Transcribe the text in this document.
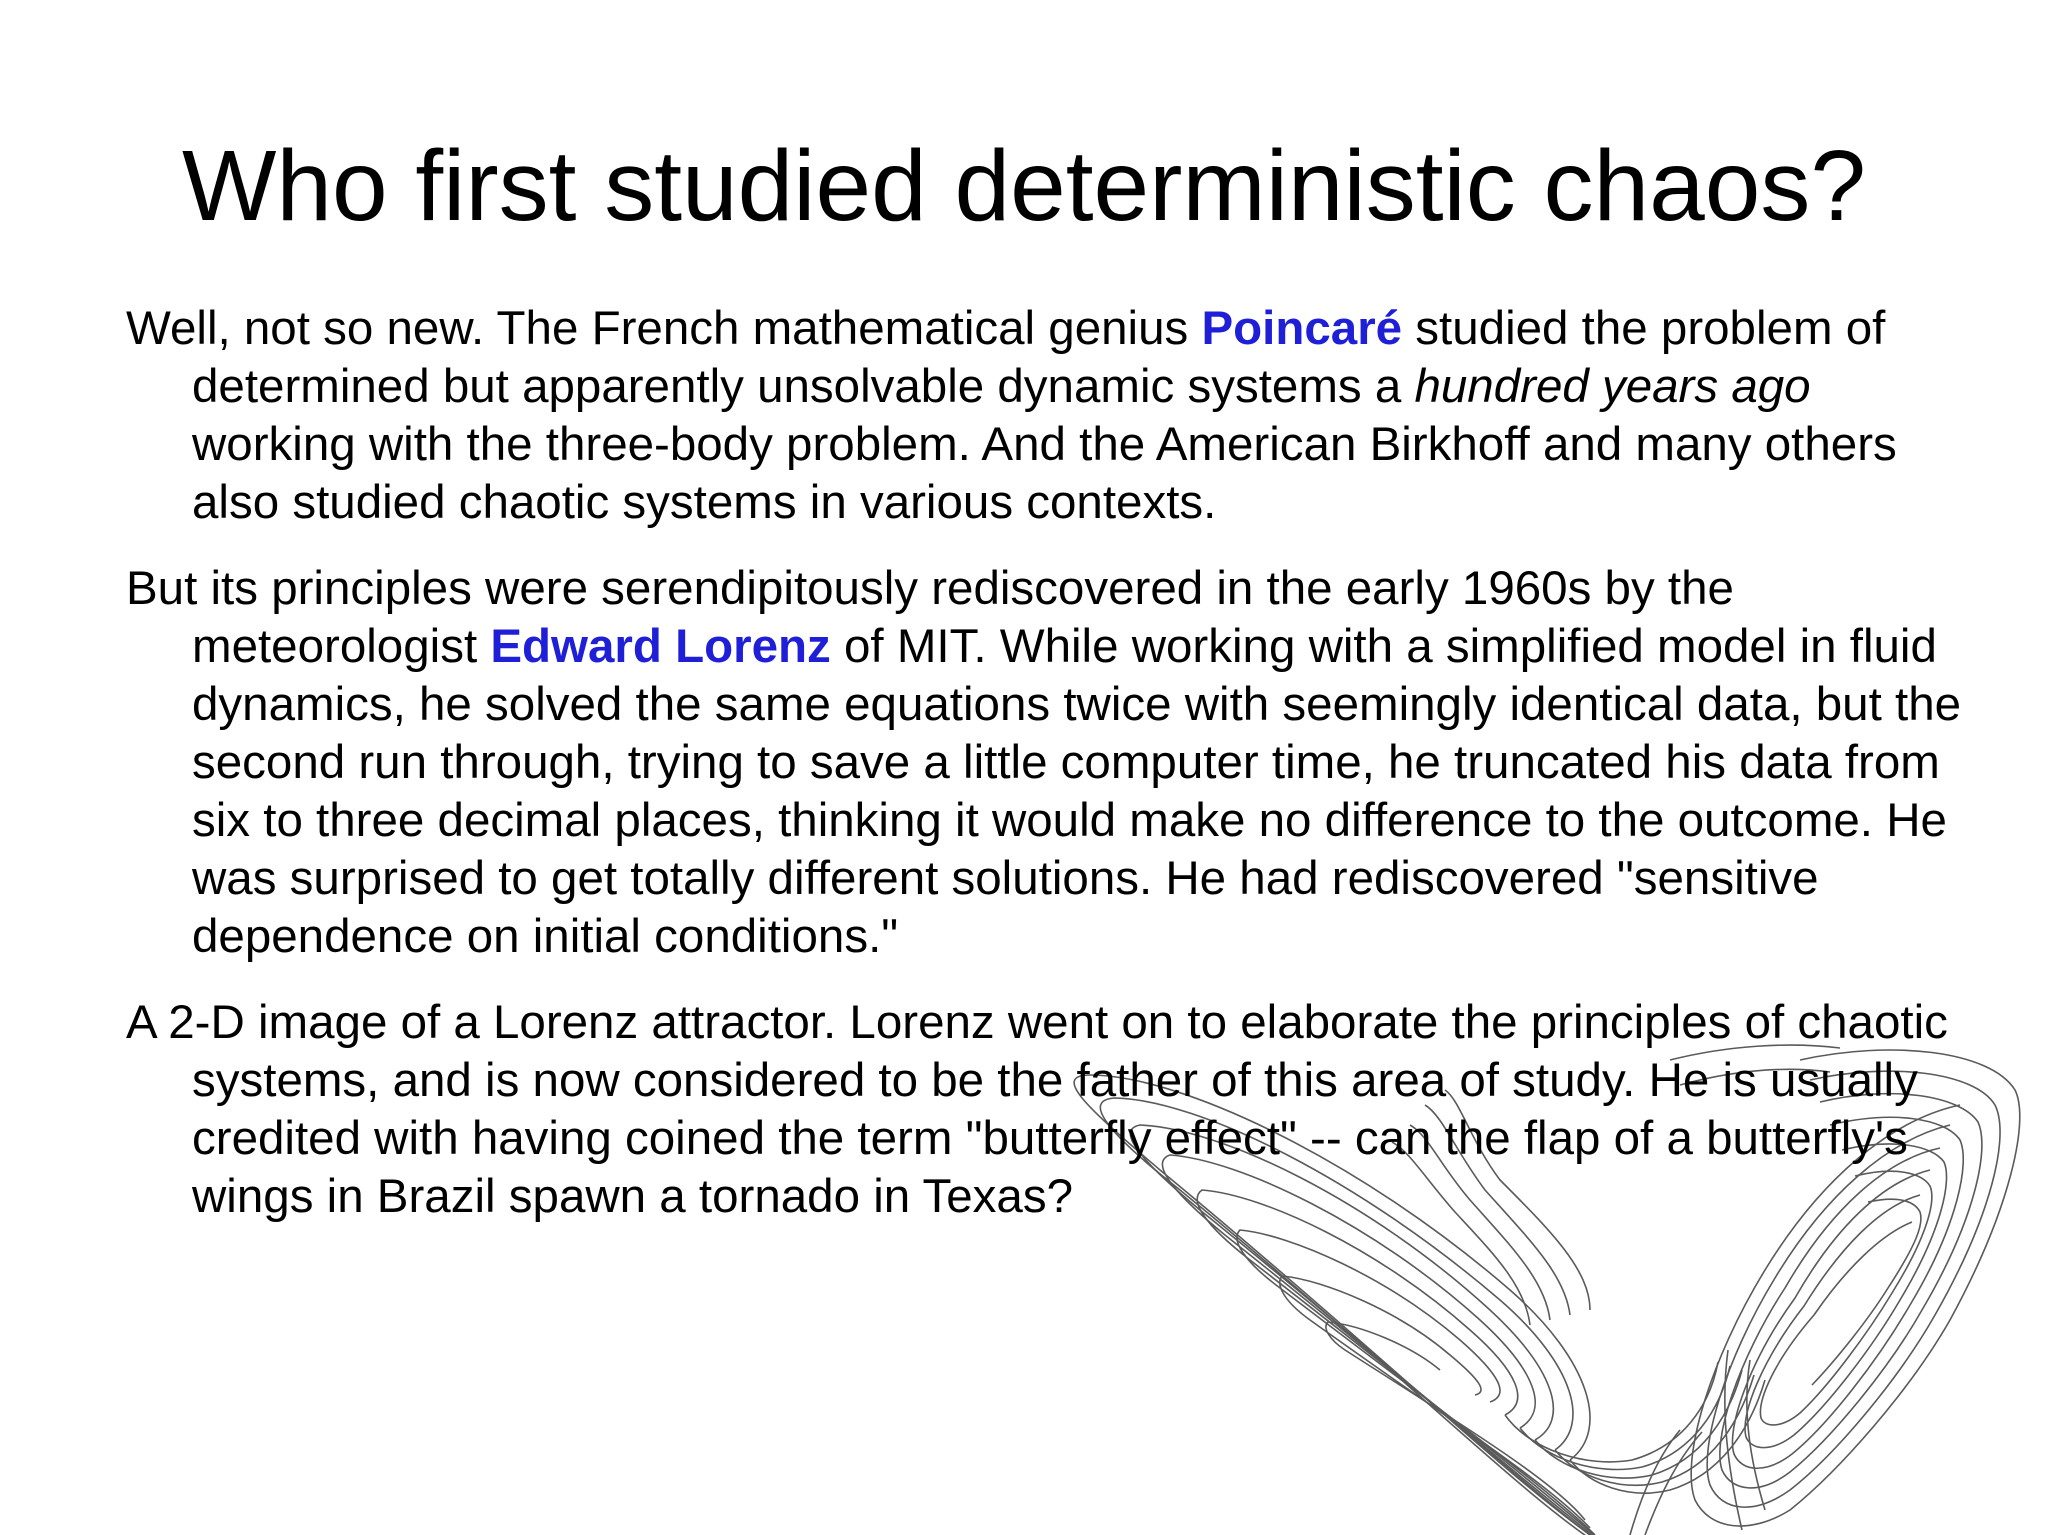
Who first studied deterministic chaos?

Well, not so new. The French mathematical genius Poincaré studied the problem of determined but apparently unsolvable dynamic systems a hundred years ago working with the three-body problem. And the American Birkhoff and many others also studied chaotic systems in various contexts.

But its principles were serendipitously rediscovered in the early 1960s by the meteorologist Edward Lorenz of MIT. While working with a simplified model in fluid dynamics, he solved the same equations twice with seemingly identical data, but the second run through, trying to save a little computer time, he truncated his data from six to three decimal places, thinking it would make no difference to the outcome. He was surprised to get totally different solutions. He had rediscovered "sensitive dependence on initial conditions."

A 2-D image of a Lorenz attractor. Lorenz went on to elaborate the principles of chaotic systems, and is now considered to be the father of this area of study. He is usually credited with having coined the term "butterfly effect" -- can the flap of a butterfly's wings in Brazil spawn a tornado in Texas?
